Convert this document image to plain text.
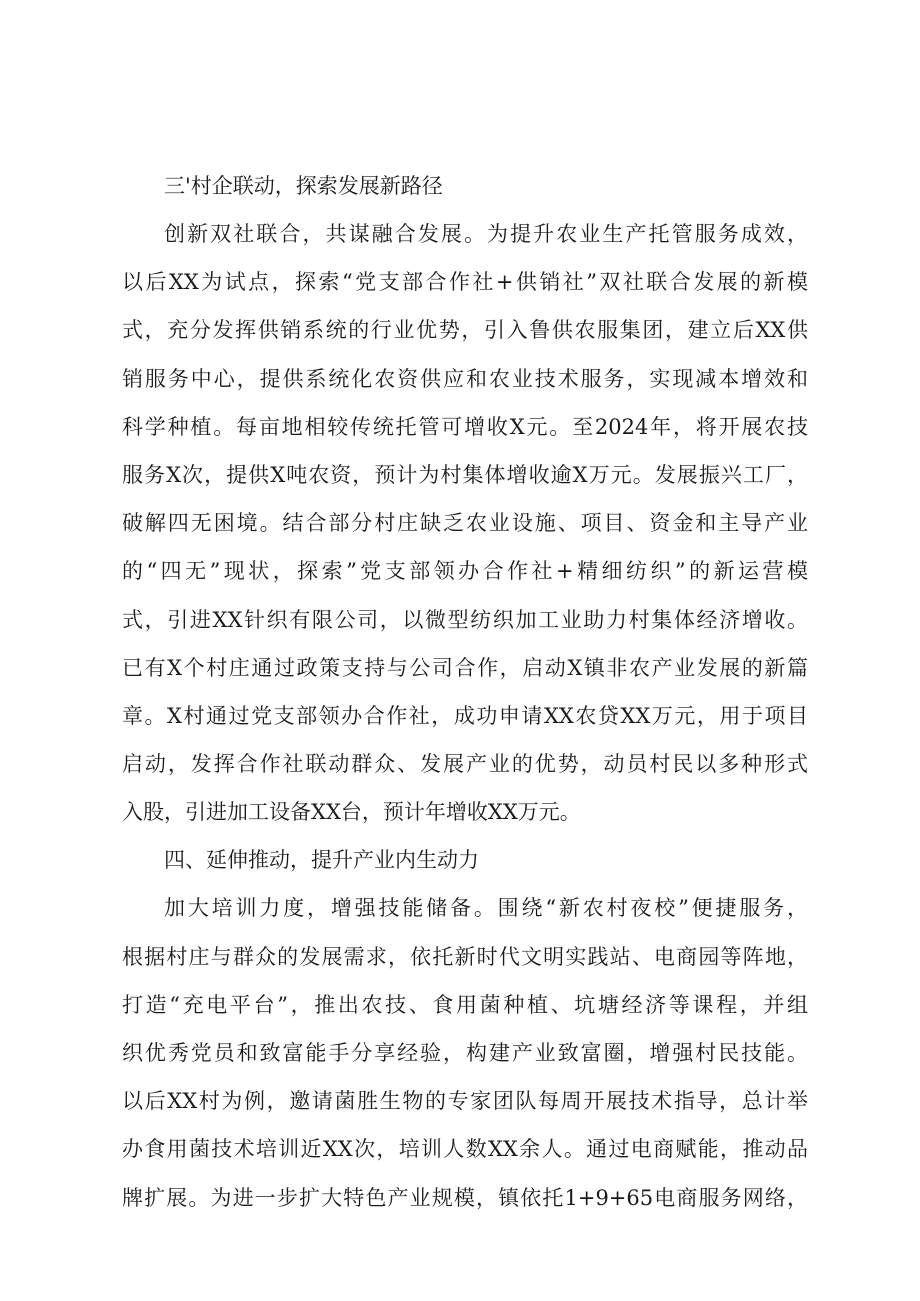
三'村企联动，探索发展新路径

创新双社联合，共谋融合发展。为提升农业生产托管服务成效，
以后XX为试点，探索“党支部合作社+供销社”双社联合发展的新模
式，充分发挥供销系统的行业优势，引入鲁供农服集团，建立后XX供
销服务中心，提供系统化农资供应和农业技术服务，实现减本增效和
科学种植。每亩地相较传统托管可增收X元。至2024年，将开展农技
服务X次，提供X吨农资，预计为村集体增收逾X万元。发展振兴工厂，
破解四无困境。结合部分村庄缺乏农业设施、项目、资金和主导产业
的“四无”现状，探索”党支部领办合作社+精细纺织”的新运营模
式，引进XX针织有限公司，以微型纺织加工业助力村集体经济增收。
已有X个村庄通过政策支持与公司合作，启动X镇非农产业发展的新篇
章。X村通过党支部领办合作社，成功申请XX农贷XX万元，用于项目
启动，发挥合作社联动群众、发展产业的优势，动员村民以多种形式
入股，引进加工设备XX台，预计年增收XX万元。

四、延伸推动，提升产业内生动力

加大培训力度，增强技能储备。围绕“新农村夜校”便捷服务，
根据村庄与群众的发展需求，依托新时代文明实践站、电商园等阵地，
打造“充电平台”，推出农技、食用菌种植、坑塘经济等课程，并组
织优秀党员和致富能手分享经验，构建产业致富圈，增强村民技能。
以后XX村为例，邀请菌胜生物的专家团队每周开展技术指导，总计举
办食用菌技术培训近XX次，培训人数XX余人。通过电商赋能，推动品
牌扩展。为进一步扩大特色产业规模，镇依托1+9+65电商服务网络，
